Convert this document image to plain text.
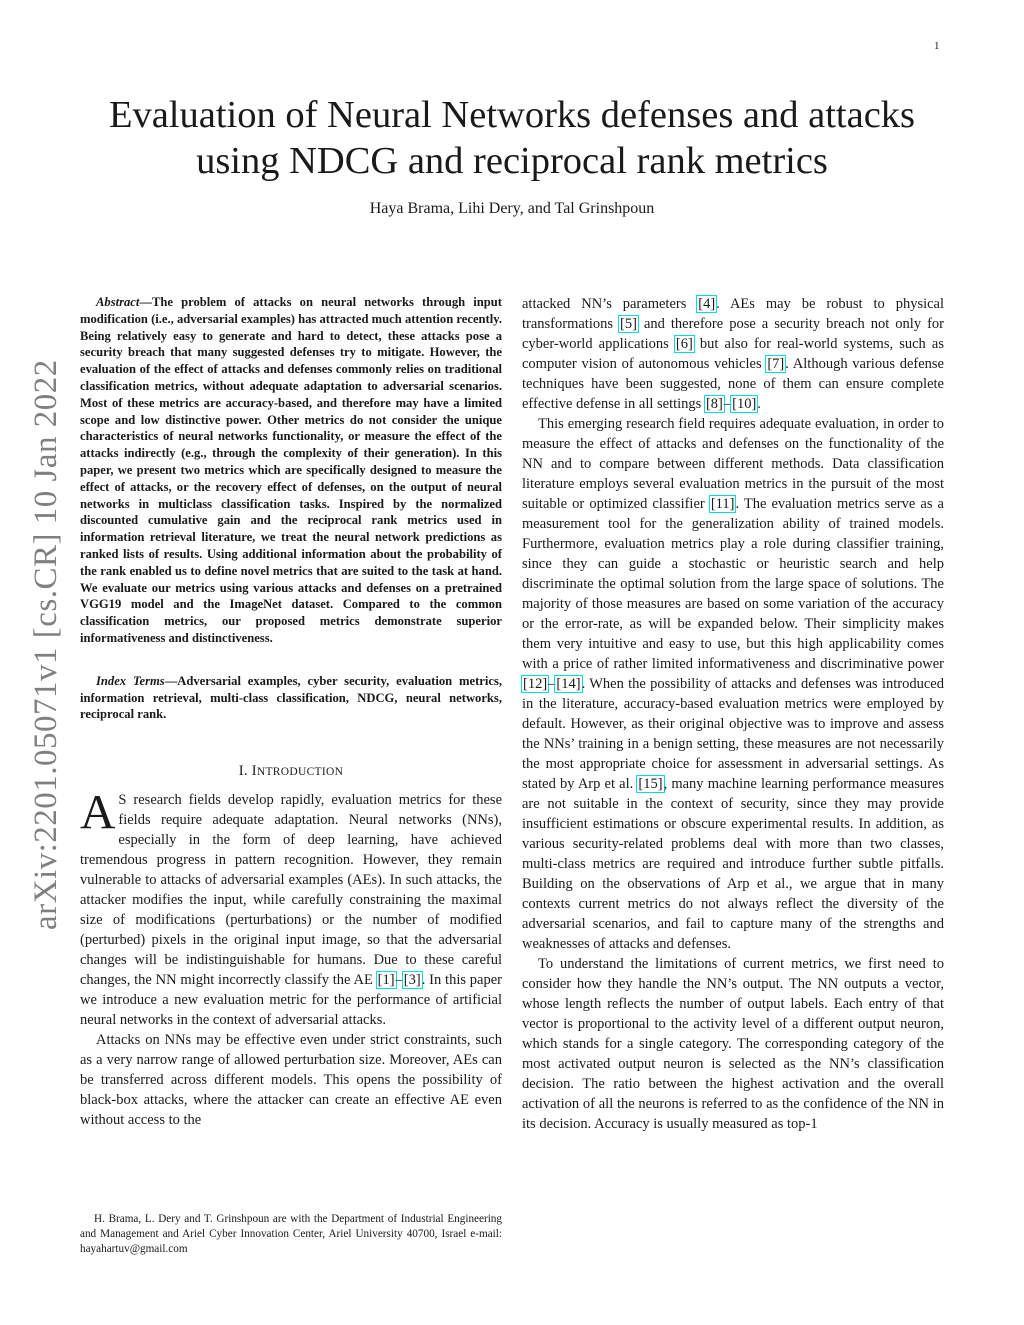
1
arXiv:2201.05071v1 [cs.CR] 10 Jan 2022
Evaluation of Neural Networks defenses and attacks
using NDCG and reciprocal rank metrics
Haya Brama, Lihi Dery, and Tal Grinshpoun

Abstract—The problem of attacks on neural networks through input modification (i.e., adversarial examples) has attracted much attention recently. Being relatively easy to generate and hard to detect, these attacks pose a security breach that many suggested defenses try to mitigate. However, the evaluation of the effect of attacks and defenses commonly relies on traditional classification metrics, without adequate adaptation to adversarial scenarios. Most of these metrics are accuracy-based, and therefore may have a limited scope and low distinctive power. Other metrics do not consider the unique characteristics of neural networks functionality, or measure the effect of the attacks indirectly (e.g., through the complexity of their generation). In this paper, we present two metrics which are specifically designed to measure the effect of attacks, or the recovery effect of defenses, on the output of neural networks in multiclass classification tasks. Inspired by the normalized discounted cumulative gain and the reciprocal rank metrics used in information retrieval literature, we treat the neural network predictions as ranked lists of results. Using additional information about the probability of the rank enabled us to define novel metrics that are suited to the task at hand. We evaluate our metrics using various attacks and defenses on a pretrained VGG19 model and the ImageNet dataset. Compared to the common classification metrics, our proposed metrics demonstrate superior informativeness and distinctiveness.

Index Terms—Adversarial examples, cyber security, evaluation metrics, information retrieval, multi-class classification, NDCG, neural networks, reciprocal rank.

I. INTRODUCTION

A S research fields develop rapidly, evaluation metrics for these fields require adequate adaptation. Neural networks (NNs), especially in the form of deep learning, have achieved tremendous progress in pattern recognition. However, they remain vulnerable to attacks of adversarial examples (AEs). In such attacks, the attacker modifies the input, while carefully constraining the maximal size of modifications (perturbations) or the number of modified (perturbed) pixels in the original input image, so that the adversarial changes will be indistinguishable for humans. Due to these careful changes, the NN might incorrectly classify the AE [1]–[3]. In this paper we introduce a new evaluation metric for the performance of artificial neural networks in the context of adversarial attacks.

Attacks on NNs may be effective even under strict constraints, such as a very narrow range of allowed perturbation size. Moreover, AEs can be transferred across different models. This opens the possibility of black-box attacks, where the attacker can create an effective AE even without access to the

H. Brama, L. Dery and T. Grinshpoun are with the Department of Industrial Engineering and Management and Ariel Cyber Innovation Center, Ariel University 40700, Israel e-mail: hayahartuv@gmail.com

attacked NN’s parameters [4]. AEs may be robust to physical transformations [5] and therefore pose a security breach not only for cyber-world applications [6] but also for real-world systems, such as computer vision of autonomous vehicles [7]. Although various defense techniques have been suggested, none of them can ensure complete effective defense in all settings [8]–[10].

This emerging research field requires adequate evaluation, in order to measure the effect of attacks and defenses on the functionality of the NN and to compare between different methods. Data classification literature employs several evaluation metrics in the pursuit of the most suitable or optimized classifier [11]. The evaluation metrics serve as a measurement tool for the generalization ability of trained models. Furthermore, evaluation metrics play a role during classifier training, since they can guide a stochastic or heuristic search and help discriminate the optimal solution from the large space of solutions. The majority of those measures are based on some variation of the accuracy or the error-rate, as will be expanded below. Their simplicity makes them very intuitive and easy to use, but this high applicability comes with a price of rather limited informativeness and discriminative power [12]–[14]. When the possibility of attacks and defenses was introduced in the literature, accuracy-based evaluation metrics were employed by default. However, as their original objective was to improve and assess the NNs’ training in a benign setting, these measures are not necessarily the most appropriate choice for assessment in adversarial settings. As stated by Arp et al. [15], many machine learning performance measures are not suitable in the context of security, since they may provide insufficient estimations or obscure experimental results. In addition, as various security-related problems deal with more than two classes, multi-class metrics are required and introduce further subtle pitfalls. Building on the observations of Arp et al., we argue that in many contexts current metrics do not always reflect the diversity of the adversarial scenarios, and fail to capture many of the strengths and weaknesses of attacks and defenses.

To understand the limitations of current metrics, we first need to consider how they handle the NN’s output. The NN outputs a vector, whose length reflects the number of output labels. Each entry of that vector is proportional to the activity level of a different output neuron, which stands for a single category. The corresponding category of the most activated output neuron is selected as the NN’s classification decision. The ratio between the highest activation and the overall activation of all the neurons is referred to as the confidence of the NN in its decision. Accuracy is usually measured as top-1
